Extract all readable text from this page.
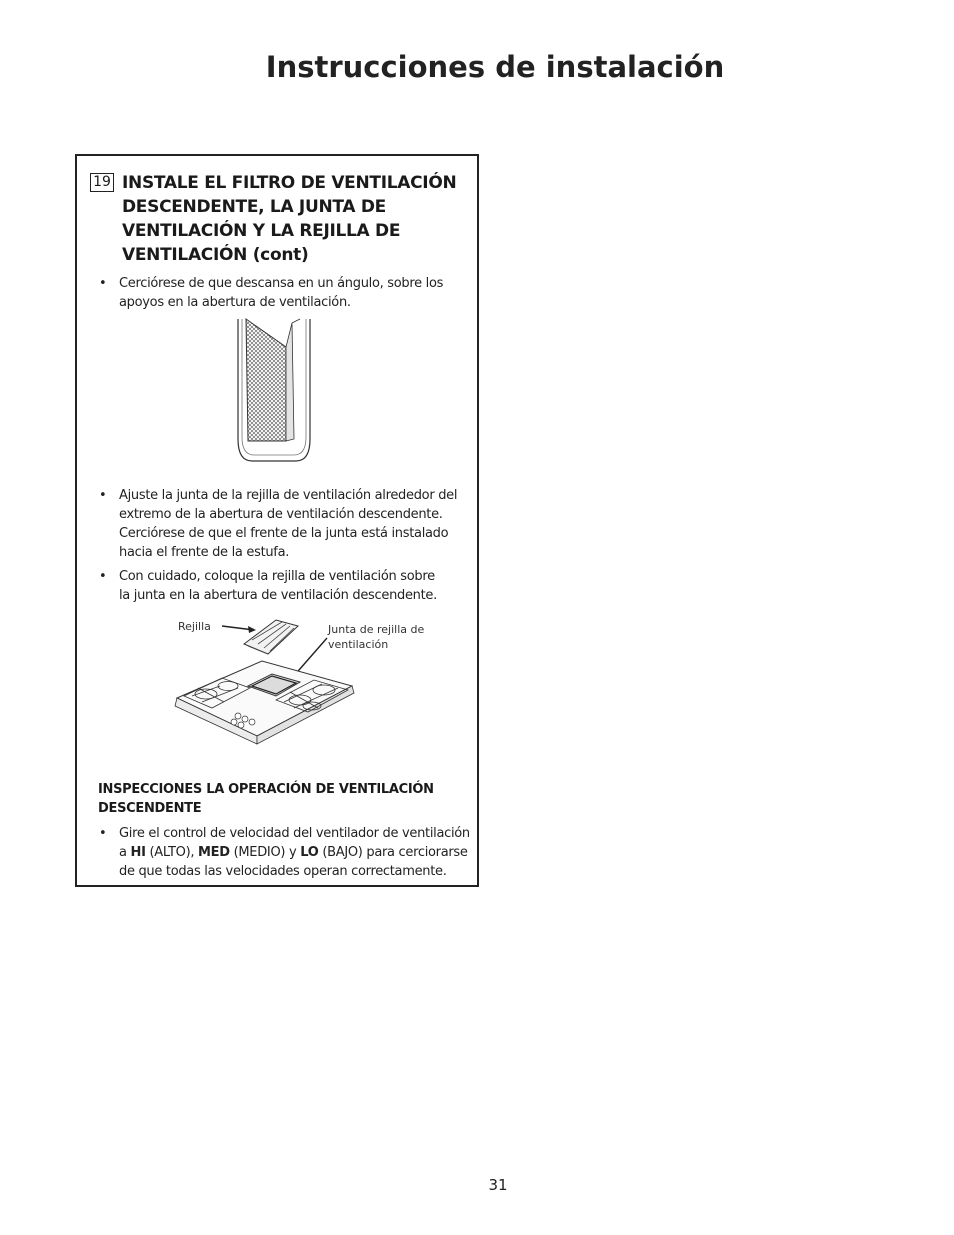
Instrucciones de instalación
19 INSTALE EL FILTRO DE VENTILACIÓN DESCENDENTE, LA JUNTA DE VENTILACIÓN Y LA REJILLA DE VENTILACIÓN (cont)
• Cerciórese de que descansa en un ángulo, sobre los apoyos en la abertura de ventilación.
• Ajuste la junta de la rejilla de ventilación alrededor del extremo de la abertura de ventilación descendente. Cerciórese de que el frente de la junta está instalado hacia el frente de la estufa.
• Con cuidado, coloque la rejilla de ventilación sobre la junta en la abertura de ventilación descendente.
Rejilla	Junta de rejilla de ventilación
INSPECCIONES LA OPERACIÓN DE VENTILACIÓN DESCENDENTE
• Gire el control de velocidad del ventilador de ventilación a HI (ALTO), MED (MEDIO) y LO (BAJO) para cerciorarse de que todas las velocidades operan correctamente.
31
